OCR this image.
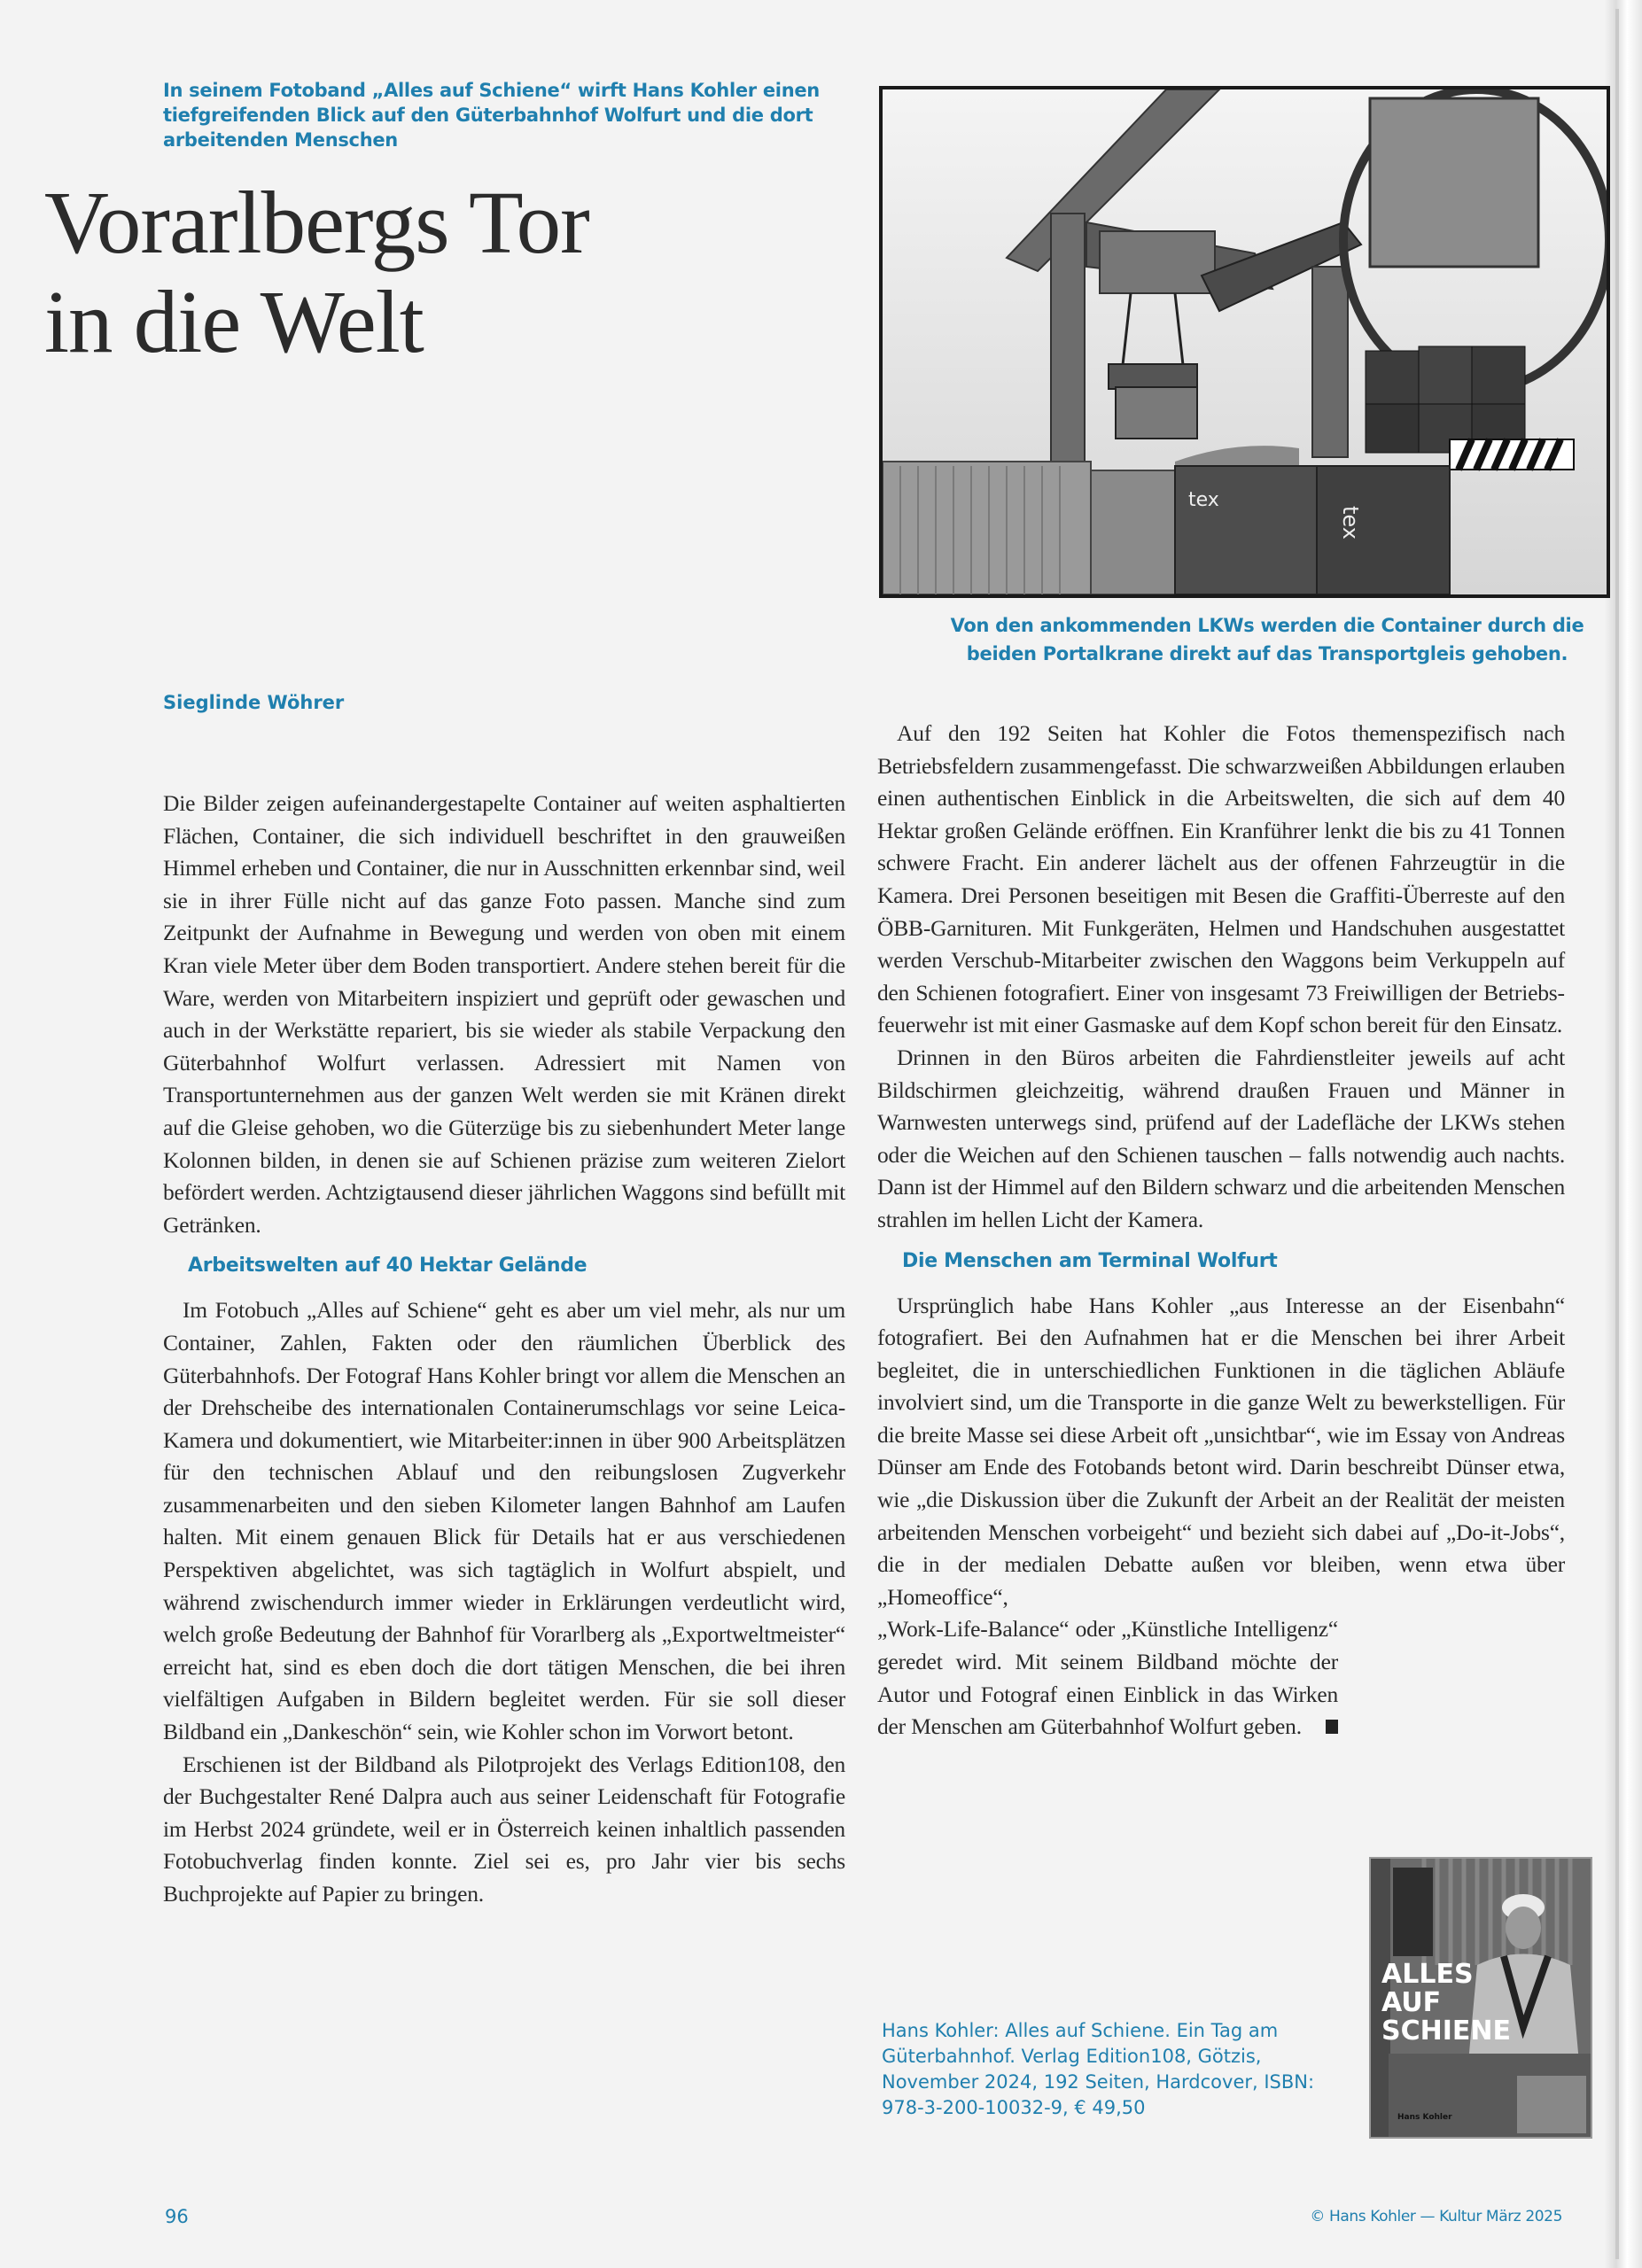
In seinem Fotoband „Alles auf Schiene“ wirft Hans Kohler einen tiefgreifenden Blick auf den Güterbahnhof Wolfurt und die dort arbeitenden Menschen
Vorarlbergs Tor
in die Welt
tex
tex
Von den ankommenden LKWs werden die Container durch die beiden Portalkrane direkt auf das Transportgleis gehoben.
Sieglinde Wöhrer

Die Bilder zeigen aufeinandergestapelte Container auf weiten asphaltierten Flächen, Container, die sich individuell beschriftet in den grauweißen Himmel erheben und Container, die nur in Ausschnitten erkennbar sind, weil sie in ihrer Fülle nicht auf das ganze Foto passen. Manche sind zum Zeitpunkt der Aufnahme in Bewegung und werden von oben mit einem Kran viele Meter über dem Boden transportiert. Andere stehen bereit für die Ware, werden von Mitarbeitern inspiziert und geprüft oder gewaschen und auch in der Werkstätte repariert, bis sie wieder als stabile Verpackung den Güterbahnhof Wolfurt verlassen. Adressiert mit Namen von Transportunternehmen aus der ganzen Welt werden sie mit Kränen direkt auf die Gleise gehoben, wo die Güterzüge bis zu siebenhundert Meter lange Kolonnen bilden, in denen sie auf Schienen präzise zum weiteren Zielort befördert werden. Achtzigtausend dieser jährlichen Waggons sind befüllt mit Getränken.

Arbeitswelten auf 40 Hektar Gelände

Im Fotobuch „Alles auf Schiene“ geht es aber um viel mehr, als nur um Container, Zahlen, Fakten oder den räumlichen Überblick des Güterbahnhofs. Der Fotograf Hans Kohler bringt vor allem die Menschen an der Drehscheibe des internationalen Containerumschlags vor seine Leica-Kamera und dokumentiert, wie Mitarbeiter:innen in über 900 Arbeitsplätzen für den technischen Ablauf und den reibungslosen Zugverkehr zusammenarbeiten und den sieben Kilometer langen Bahnhof am Laufen halten. Mit einem genauen Blick für Details hat er aus verschiedenen Perspektiven abgelichtet, was sich tagtäglich in Wolfurt abspielt, und während zwischendurch immer wieder in Erklärungen verdeutlicht wird, welch große Bedeutung der Bahnhof für Vorarlberg als „Exportweltmeister“ erreicht hat, sind es eben doch die dort tätigen Menschen, die bei ihren vielfältigen Aufgaben in Bildern begleitet werden. Für sie soll dieser Bildband ein „Dankeschön“ sein, wie Kohler schon im Vorwort betont.

Erschienen ist der Bildband als Pilotprojekt des Verlags Edition108, den der Buchgestalter René Dalpra auch aus seiner Leidenschaft für Fotografie im Herbst 2024 gründete, weil er in Österreich keinen inhaltlich passenden Fotobuchverlag finden konnte. Ziel sei es, pro Jahr vier bis sechs Buchprojekte auf Papier zu bringen.

Auf den 192 Seiten hat Kohler die Fotos themenspezifisch nach Betriebsfeldern zusammengefasst. Die schwarzweißen Abbildungen erlauben einen authentischen Einblick in die Arbeitswelten, die sich auf dem 40 Hektar großen Gelände eröffnen. Ein Kranführer lenkt die bis zu 41 Tonnen schwere Fracht. Ein anderer lächelt aus der offenen Fahrzeugtür in die Kamera. Drei Personen beseitigen mit Besen die Graffiti-Überreste auf den ÖBB-Garnituren. Mit Funkgeräten, Helmen und Handschuhen ausgestattet werden Verschub-Mitarbeiter zwischen den Waggons beim Verkuppeln auf den Schienen fotografiert. Einer von insgesamt 73 Freiwilligen der Betriebsfeuerwehr ist mit einer Gasmaske auf dem Kopf schon bereit für den Einsatz.

Drinnen in den Büros arbeiten die Fahrdienstleiter jeweils auf acht Bildschirmen gleichzeitig, während draußen Frauen und Männer in Warnwesten unterwegs sind, prüfend auf der Ladefläche der LKWs stehen oder die Weichen auf den Schienen tauschen – falls notwendig auch nachts. Dann ist der Himmel auf den Bildern schwarz und die arbeitenden Menschen strahlen im hellen Licht der Kamera.

Die Menschen am Terminal Wolfurt

Ursprünglich habe Hans Kohler „aus Interesse an der Eisenbahn“ fotografiert. Bei den Aufnahmen hat er die Menschen bei ihrer Arbeit begleitet, die in unterschiedlichen Funktionen in die täglichen Abläufe involviert sind, um die Transporte in die ganze Welt zu bewerkstelligen. Für die breite Masse sei diese Arbeit oft „unsichtbar“, wie im Essay von Andreas Dünser am Ende des Fotobands betont wird. Darin beschreibt Dünser etwa, wie „die Diskussion über die Zukunft der Arbeit an der Realität der meisten arbeitenden Menschen vorbeigeht“ und bezieht sich dabei auf „Do-it-Jobs“, die in der medialen Debatte außen vor bleiben, wenn etwa über „Homeoffice“,

„Work-Life-Balance“ oder „Künstliche Intelligenz“ geredet wird. Mit seinem Bildband möchte der Autor und Fotograf einen Einblick in das Wirken der Menschen am Güterbahnhof Wolfurt geben.

ALLES
AUF
SCHIENE
Hans Kohler
Hans Kohler: Alles auf Schiene. Ein Tag am Güterbahnhof. Verlag Edition108, Götzis, November 2024, 192 Seiten, Hardcover, ISBN: 978-3-200-10032-9, € 49,50
96	© Hans Kohler — Kultur März 2025
